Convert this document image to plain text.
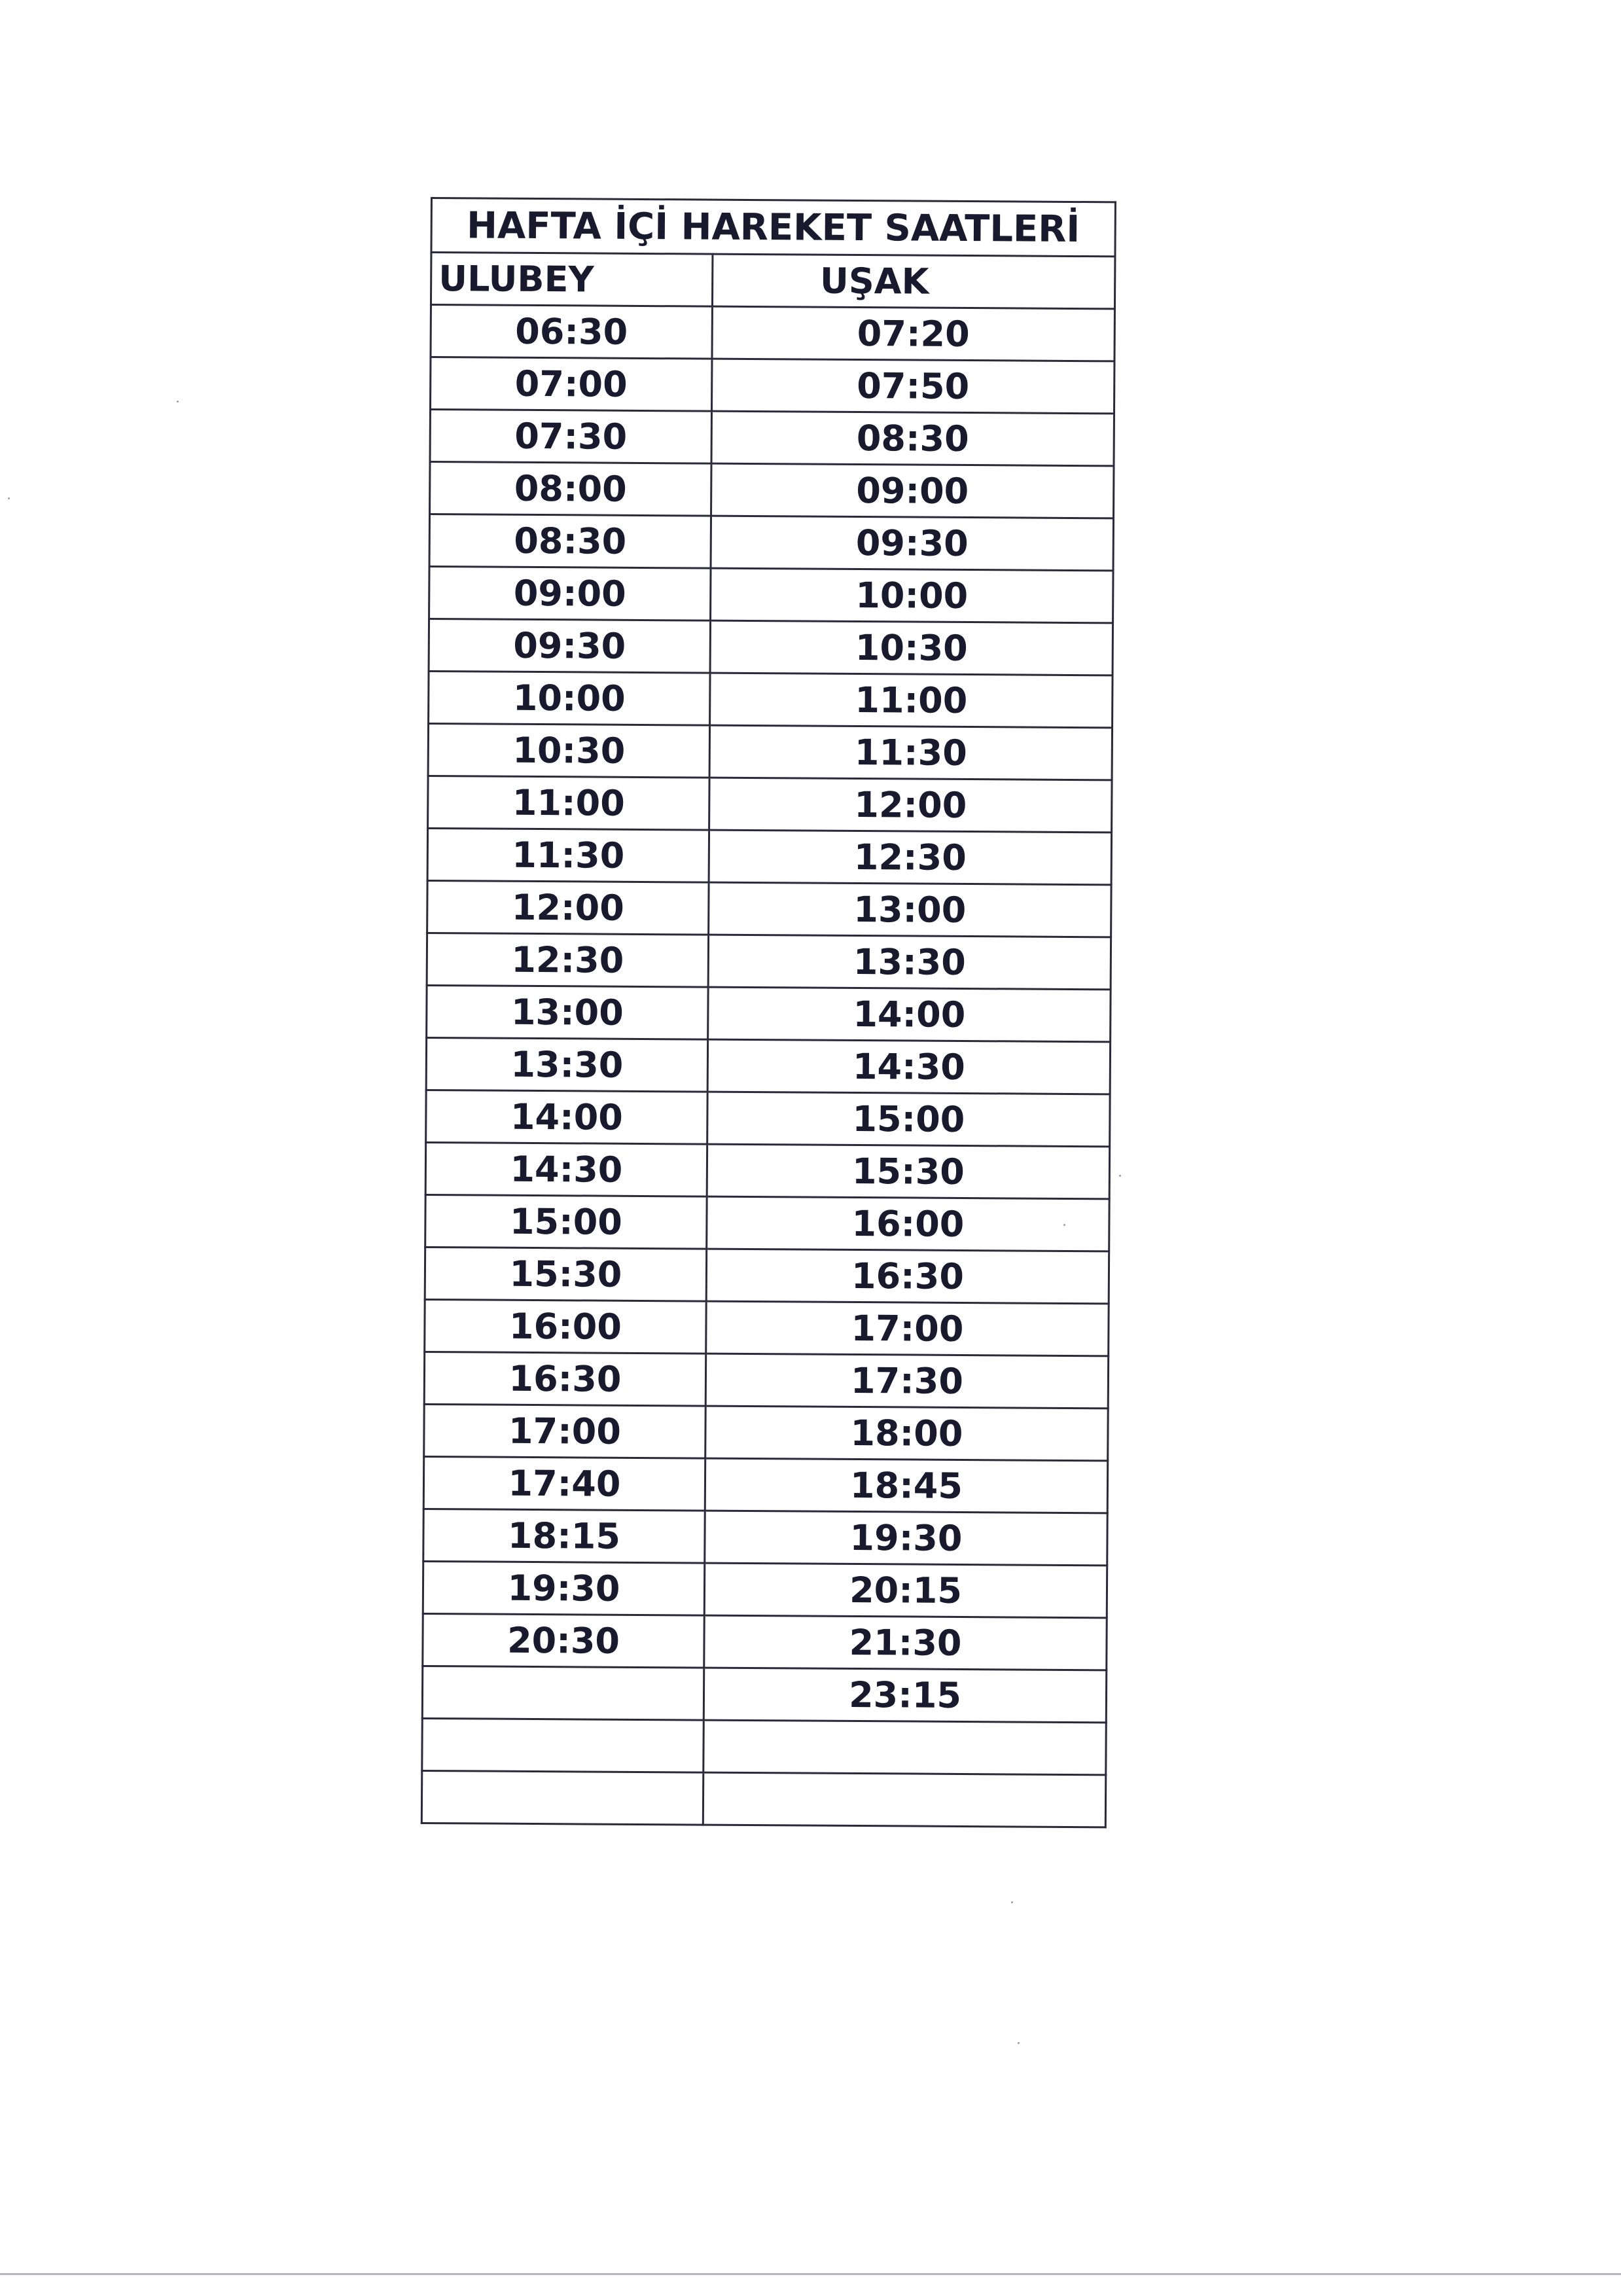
HAFTA İÇİ HAREKET SAATLERİ	
ULUBEY	UŞAK
06:30	07:20
07:00	07:50
07:30	08:30
08:00	09:00
08:30	09:30
09:00	10:00
09:30	10:30
10:00	11:00
10:30	11:30
11:00	12:00
11:30	12:30
12:00	13:00
12:30	13:30
13:00	14:00
13:30	14:30
14:00	15:00
14:30	15:30
15:00	16:00
15:30	16:30
16:00	17:00
16:30	17:30
17:00	18:00
17:40	18:45
18:15	19:30
19:30	20:15
20:30	21:30
	23:15
